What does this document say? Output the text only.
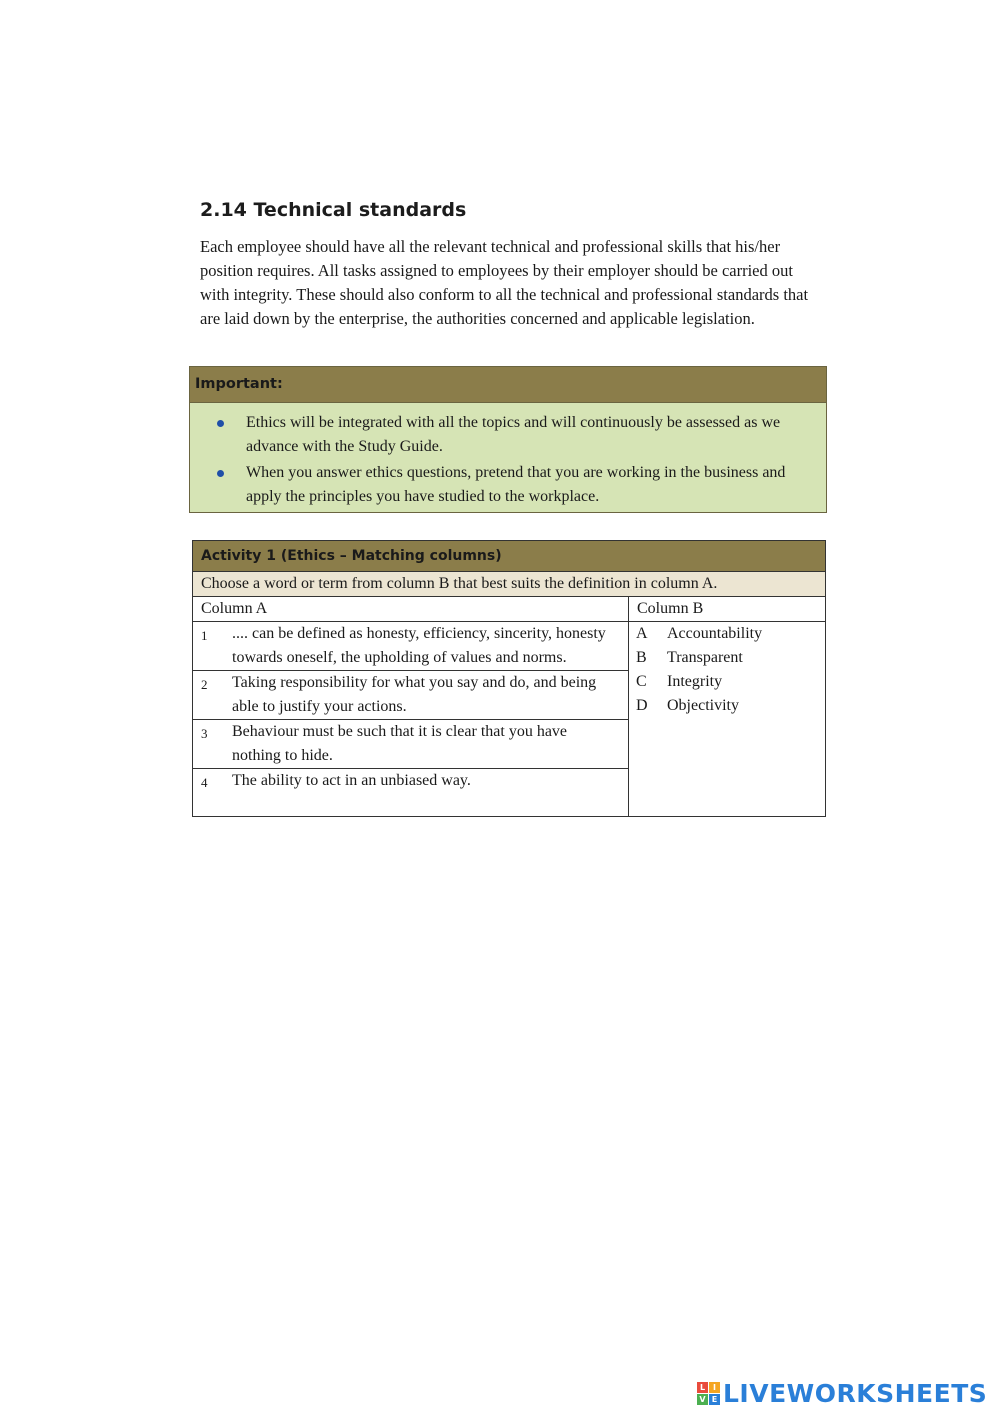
2.14 Technical standards

Each employee should have all the relevant technical and professional skills that his/her position requires. All tasks assigned to employees by their employer should be carried out with integrity. These should also conform to all the technical and professional standards that are laid down by the enterprise, the authorities concerned and applicable legislation.

Important:
Ethics will be integrated with all the topics and will continuously be assessed as we advance with the Study Guide.
When you answer ethics questions, pretend that you are working in the business and apply the principles you have studied to the workplace.
Activity 1 (Ethics – Matching columns)
Choose a word or term from column B that best suits the definition in column A.
Column A
1 .... can be defined as honesty, efficiency, sincerity, honesty towards oneself, the upholding of values and norms.
2 Taking responsibility for what you say and do, and being able to justify your actions.
3 Behaviour must be such that it is clear that you have nothing to hide.
4 The ability to act in an unbiased way.
Column B
A Accountability
B Transparent
C Integrity
D Objectivity
L I
V E LIVEWORKSHEETS
